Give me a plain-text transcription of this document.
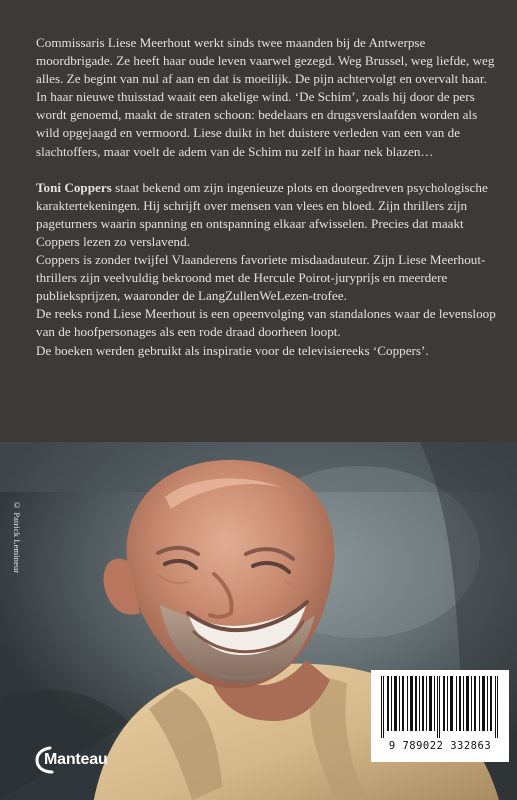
Commissaris Liese Meerhout werkt sinds twee maanden bij de Antwerpse moordbrigade. Ze heeft haar oude leven vaarwel gezegd. Weg Brussel, weg liefde, weg alles. Ze begint van nul af aan en dat is moeilijk. De pijn achtervolgt en overvalt haar.

In haar nieuwe thuisstad waait een akelige wind. ‘De Schim’, zoals hij door de pers wordt genoemd, maakt de straten schoon: bedelaars en drugsverslaafden worden als wild opgejaagd en vermoord. Liese duikt in het duistere verleden van een van de slachtoffers, maar voelt de adem van de Schim nu zelf in haar nek blazen…

Toni Coppers staat bekend om zijn ingenieuze plots en doorgedreven psychologische karaktertekeningen. Hij schrijft over mensen van vlees en bloed. Zijn thrillers zijn pageturners waarin spanning en ontspanning elkaar afwisselen. Precies dat maakt Coppers lezen zo verslavend.

Coppers is zonder twijfel Vlaanderens favoriete misdaadauteur. Zijn Liese Meerhout-thrillers zijn veelvuldig bekroond met de Hercule Poirot-juryprijs en meerdere publieksprijzen, waaronder de LangZullenWeLezen-trofee.

De reeks rond Liese Meerhout is een opeenvolging van standalones waar de levensloop van de hoofpersonages als een rode draad doorheen loopt.

De boeken werden gebruikt als inspiratie voor de televisiereeks ‘Coppers’.

© Patrick Lemineur
9 789022 332863
Manteau
